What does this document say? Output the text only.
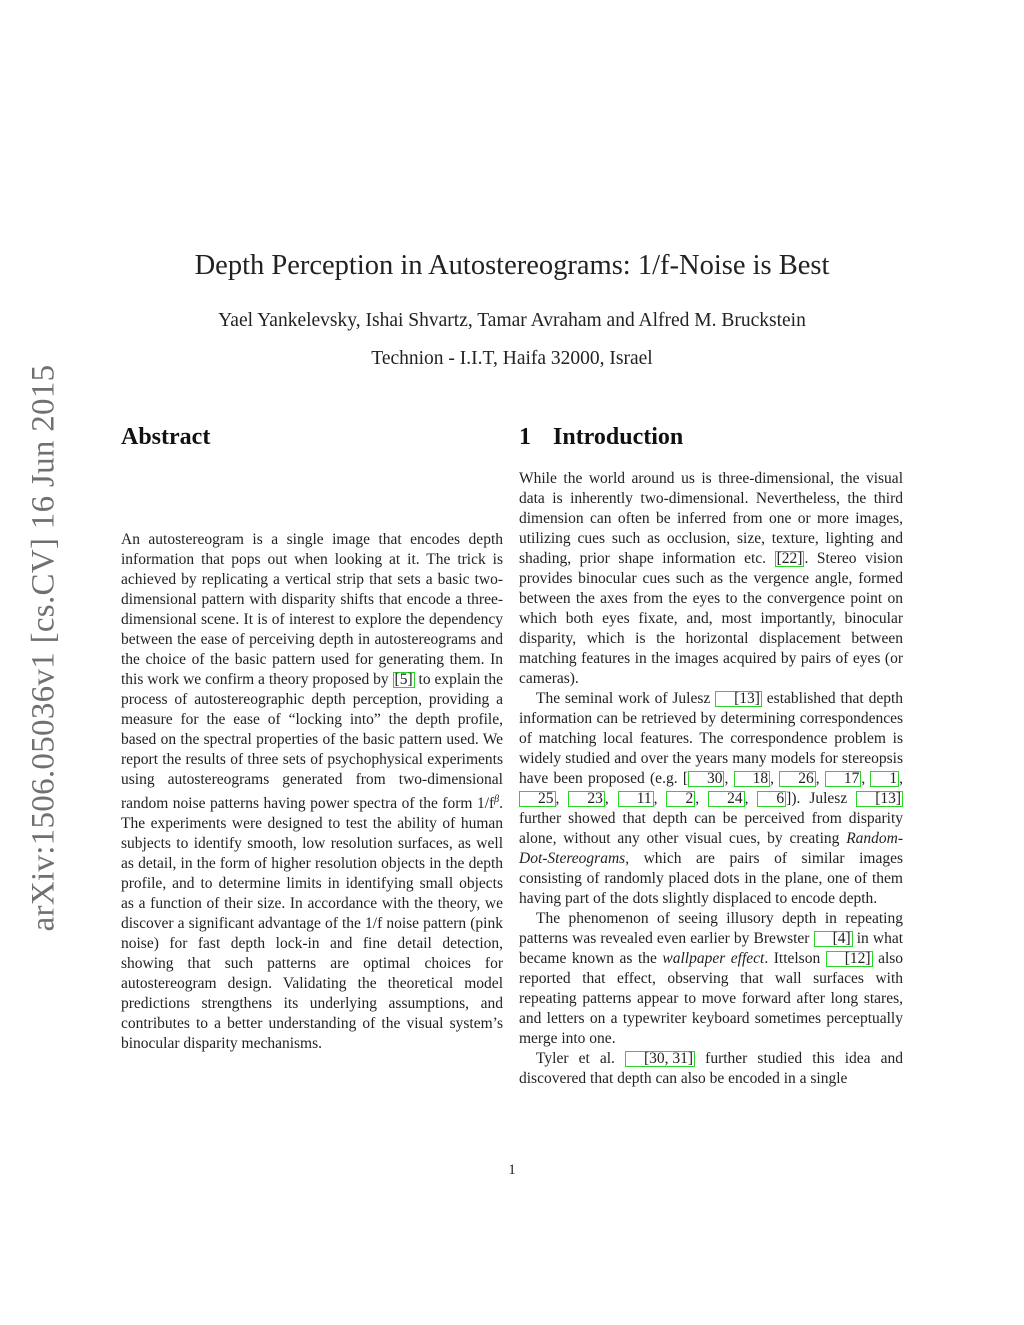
arXiv:1506.05036v1 [cs.CV] 16 Jun 2015
Depth Perception in Autostereograms: 1/f-Noise is Best
Yael Yankelevsky, Ishai Shvartz, Tamar Avraham and Alfred M. Bruckstein
Technion - I.I.T, Haifa 32000, Israel
Abstract	1 Introduction

An autostereogram is a single image that encodes depth information that pops out when looking at it. The trick is achieved by replicating a vertical strip that sets a basic two-dimensional pattern with disparity shifts that encode a three-dimensional scene. It is of interest to explore the dependency between the ease of perceiving depth in autostereograms and the choice of the basic pattern used for generating them. In this work we confirm a theory proposed by [5] to explain the process of autostereographic depth perception, providing a measure for the ease of “locking into” the depth profile, based on the spectral properties of the basic pattern used. We report the results of three sets of psychophysical experiments using autostereograms generated from two-dimensional random noise patterns having power spectra of the form $1/f^\beta$. The experiments were designed to test the ability of human subjects to identify smooth, low resolution surfaces, as well as detail, in the form of higher resolution objects in the depth profile, and to determine limits in identifying small objects as a function of their size. In accordance with the theory, we discover a significant advantage of the 1/f noise pattern (pink noise) for fast depth lock-in and fine detail detection, showing that such patterns are optimal choices for autostereogram design. Validating the theoretical model predictions strengthens its underlying assumptions, and contributes to a better understanding of the visual system’s binocular disparity mechanisms.

While the world around us is three-dimensional, the visual data is inherently two-dimensional. Nevertheless, the third dimension can often be inferred from one or more images, utilizing cues such as occlusion, size, texture, lighting and shading, prior shape information etc. [22] . Stereo vision provides binocular cues such as the vergence angle, formed between the axes from the eyes to the convergence point on which both eyes fixate, and, most importantly, binocular disparity, which is the horizontal displacement between matching features in the images acquired by pairs of eyes (or cameras).

The seminal work of Julesz [13] established that depth information can be retrieved by determining correspondences of matching local features. The correspondence problem is widely studied and over the years many models for stereopsis have been proposed (e.g. [ 30 , 18 , 26 , 17 , 1 , 25 , 23 , 11 , 2 , 24 , 6 ]). Julesz [13] further showed that depth can be perceived from disparity alone, without any other visual cues, by creating Random-Dot-Stereograms, which are pairs of similar images consisting of randomly placed dots in the plane, one of them having part of the dots slightly displaced to encode depth.

The phenomenon of seeing illusory depth in repeating patterns was revealed even earlier by Brewster [4] in what became known as the wallpaper effect. Ittelson [12] also reported that effect, observing that wall surfaces with repeating patterns appear to move forward after long stares, and letters on a typewriter keyboard sometimes perceptually merge into one.

Tyler et al. [30, 31] further studied this idea and discovered that depth can also be encoded in a single

1
